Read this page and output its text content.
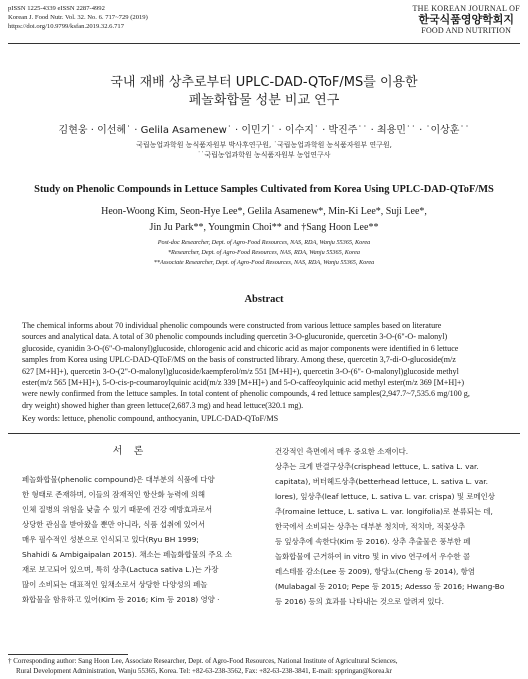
pISSN 1225-4339 eISSN 2287-4992
Korean J. Food Nutr. Vol. 32. No. 6. 717~729 (2019)
https://doi.org/10.9799/ksfan.2019.32.6.717
THE KOREAN JOURNAL OF
한국식품영양학회지
FOOD AND NUTRITION
국내 재배 상추로부터 UPLC-DAD-QToF/MS를 이용한
페놀화합물 성분 비교 연구
김현웅 · 이선혜˙ · Gelila Asamenew˙ · 이민기˙ · 이수지˙ · 박진주˙˙ · 최용민˙˙ · ˙이상훈˙˙
국립농업과학원 농식품자원부 박사후연구원, ˙국립농업과학원 농식품자원부 연구원,
˙˙국립농업과학원 농식품자원부 농업연구사
Study on Phenolic Compounds in Lettuce Samples Cultivated from Korea Using UPLC-DAD-QToF/MS
Heon-Woong Kim, Seon-Hye Lee*, Gelila Asamenew*, Min-Ki Lee*, Suji Lee*,
Jin Ju Park**, Youngmin Choi** and †Sang Hoon Lee**
Post-doc Researcher, Dept. of Agro-Food Resources, NAS, RDA, Wanju 55365, Korea
*Researcher, Dept. of Agro-Food Resources, NAS, RDA, Wanju 55365, Korea
**Associate Researcher, Dept. of Agro-Food Resources, NAS, RDA, Wanju 55365, Korea
Abstract
The chemical informs about 70 individual phenolic compounds were constructed from various lettuce samples based on literature
sources and analytical data. A total of 30 phenolic compounds including quercetin 3-O-glucuronide, quercetin 3-O-(6"-O- malonyl)
glucoside, cyanidin 3-O-(6"-O-malonyl)glucoside, chlorogenic acid and chicoric acid as major components were identified in 6 lettuce
samples from Korea using UPLC-DAD-QToF/MS on the basis of constructed library. Among these, quercetin 3,7-di-O-glucoside(m/z
627 [M+H]+), quercetin 3-O-(2"-O-malonyl)glucoside/kaempferol/m/z 551 [M+H]+), quercetin 3-O-(6"- O-malonyl)glucoside methyl
ester(m/z 565 [M+H]+), 5-O-cis-p-coumaroylquinic acid(m/z 339 [M+H]+) and 5-O-caffeoylquinic acid methyl ester(m/z 369 [M+H]+)
were newly confirmed from the lettuce samples. In total content of phenolic compounds, 4 red lettuce samples(2,947.7~7,535.6 mg/100 g,
dry weight) showed higher than green lettuce(2,687.3 mg) and head lettuce(320.1 mg).
Key words: lettuce, phenolic compound, anthocyanin, UPLC-DAD-QToF/MS
서 론
페놀화합물(phenolic compound)은 대부분의 식품에 다양
한 형태로 존재하며, 이들의 잠재적인 항산화 능력에 의해
인체 질병의 위험을 낮출 수 있기 때문에 건강 예방효과로서
상당한 관심을 받아왔을 뿐만 아니라, 식품 섭취에 있어서
매우 필수적인 성분으로 인식되고 있다(Ryu BH 1999;
Shahidi & Ambigaipalan 2015). 채소는 페놀화합물의 주요 소
재로 보고되어 있으며, 특히 상추(Lactuca sativa L.)는 가장
많이 소비되는 대표적인 잎채소로서 상당한 다양성의 페놀
화합물을 함유하고 있어(Kim 등 2016; Kim 등 2018) 영양 ·
건강적인 측면에서 매우 중요한 소재이다.
상추는 크게 반결구상추(crisphead lettuce, L. sativa L. var.
capitata), 버터헤드상추(betterhead lettuce, L. sativa L. var.
lores), 잎상추(leaf lettuce, L. sativa L. var. crispa) 및 로메인상
추(romaine lettuce, L. sativa L. var. longifolia)로 분류되는 데,
한국에서 소비되는 상추는 대부분 청치마, 적치마, 적꽃상추
등 잎상추에 속한다(Kim 등 2016). 상추 추출물은 풍부한 페
놀화합물에 근거하여 in vitro 및 in vivo 연구에서 우수한 콜
레스테롤 감소(Lee 등 2009), 항당뇨(Cheng 등 2014), 항염
(Mulabagal 등 2010; Pepe 등 2015; Adesso 등 2016; Hwang-Bo
등 2016) 등의 효과를 나타내는 것으로 알려져 있다.
† Corresponding author: Sang Hoon Lee, Associate Researcher, Dept. of Agro-Food Resources, National Institute of Agricultural Sciences,
Rural Development Administration, Wanju 55365, Korea. Tel: +82-63-238-3562, Fax: +82-63-238-3841, E-mail: sppringan@korea.kr
